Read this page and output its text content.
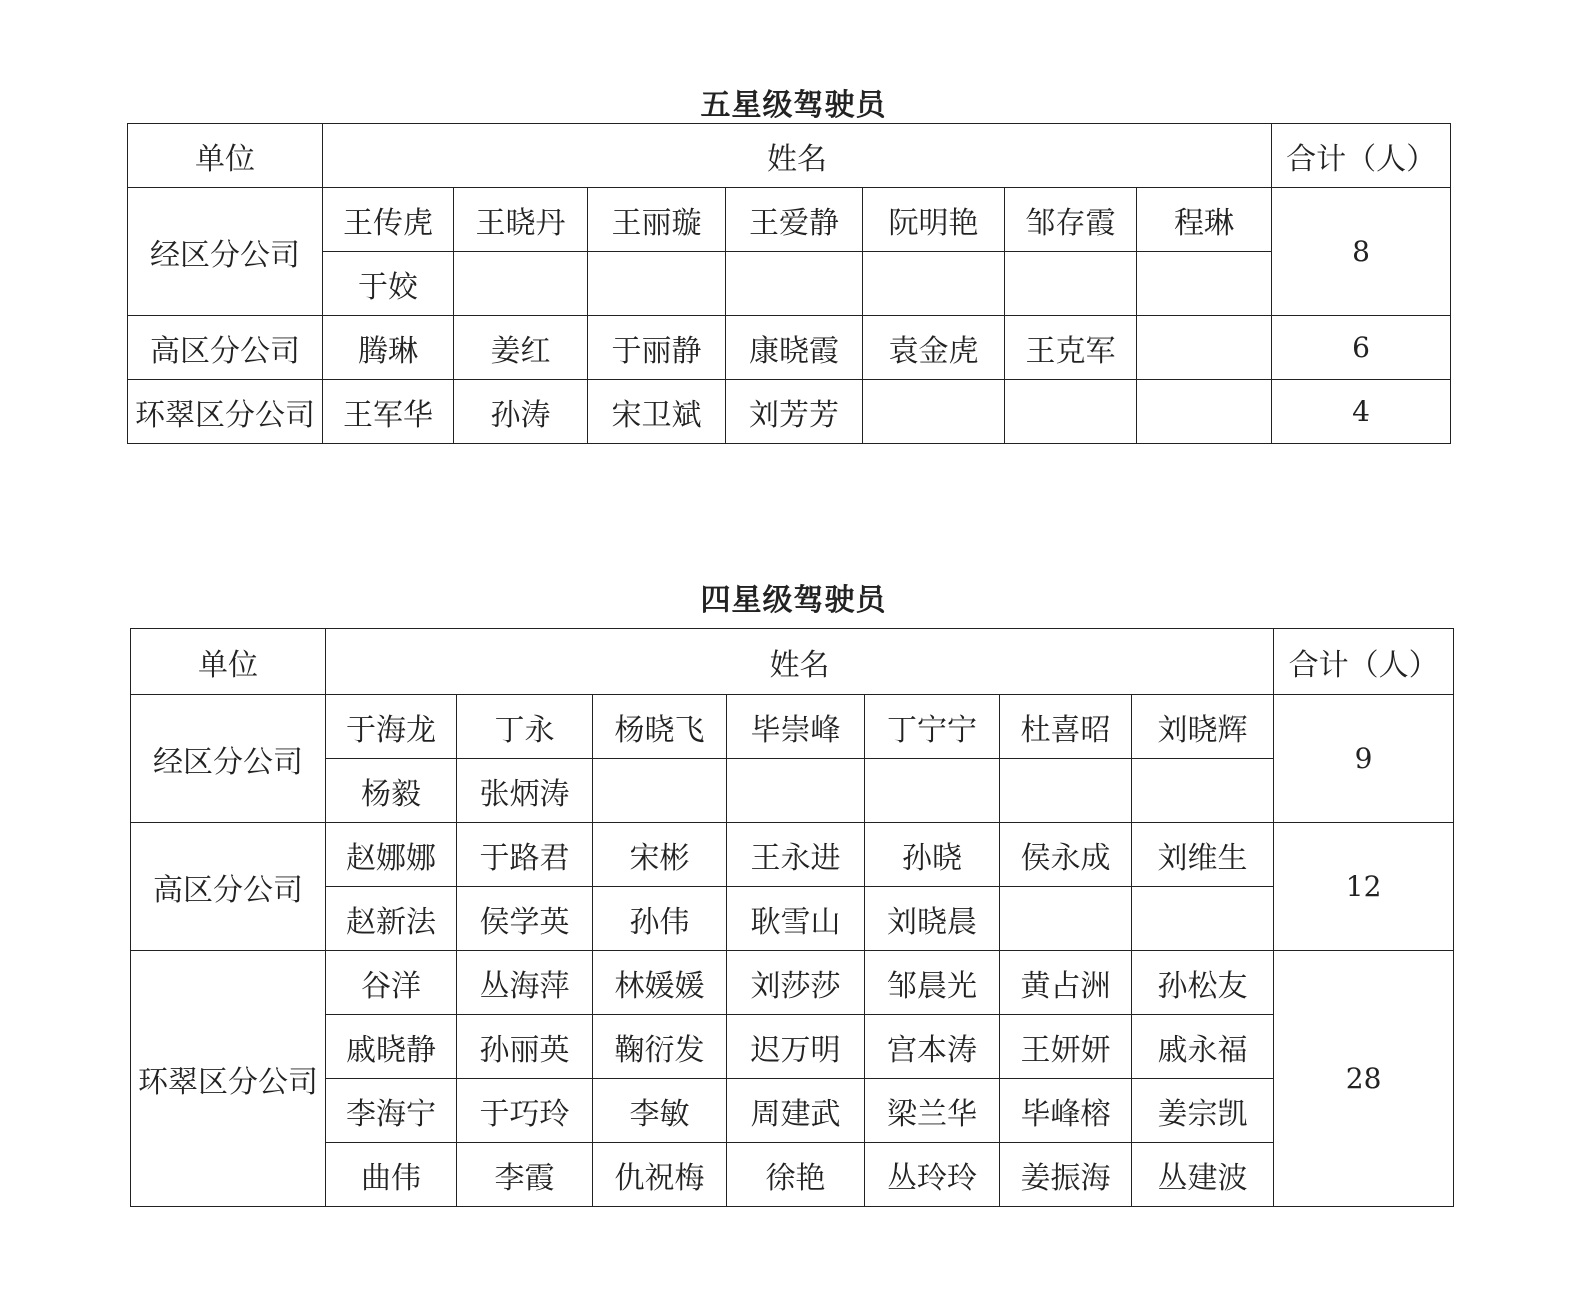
五星级驾驶员
单位	姓名							合计（人）
经区分公司	王传虎	王晓丹	王丽璇	王爱静	阮明艳	邹存霞	程琳	8
	于姣							
高区分公司	腾琳	姜红	于丽静	康晓霞	袁金虎	王克军		6
环翠区分公司	王军华	孙涛	宋卫斌	刘芳芳				4
四星级驾驶员
单位	姓名							合计（人）
经区分公司	于海龙	丁永	杨晓飞	毕崇峰	丁宁宁	杜喜昭	刘晓辉	9
	杨毅	张炳涛						
高区分公司	赵娜娜	于路君	宋彬	王永进	孙晓	侯永成	刘维生	12
	赵新法	侯学英	孙伟	耿雪山	刘晓晨			
环翠区分公司	谷洋	丛海萍	林媛媛	刘莎莎	邹晨光	黄占洲	孙松友	28
	戚晓静	孙丽英	鞠衍发	迟万明	宫本涛	王妍妍	戚永福	
	李海宁	于巧玲	李敏	周建武	梁兰华	毕峰榕	姜宗凯	
	曲伟	李霞	仇祝梅	徐艳	丛玲玲	姜振海	丛建波	
